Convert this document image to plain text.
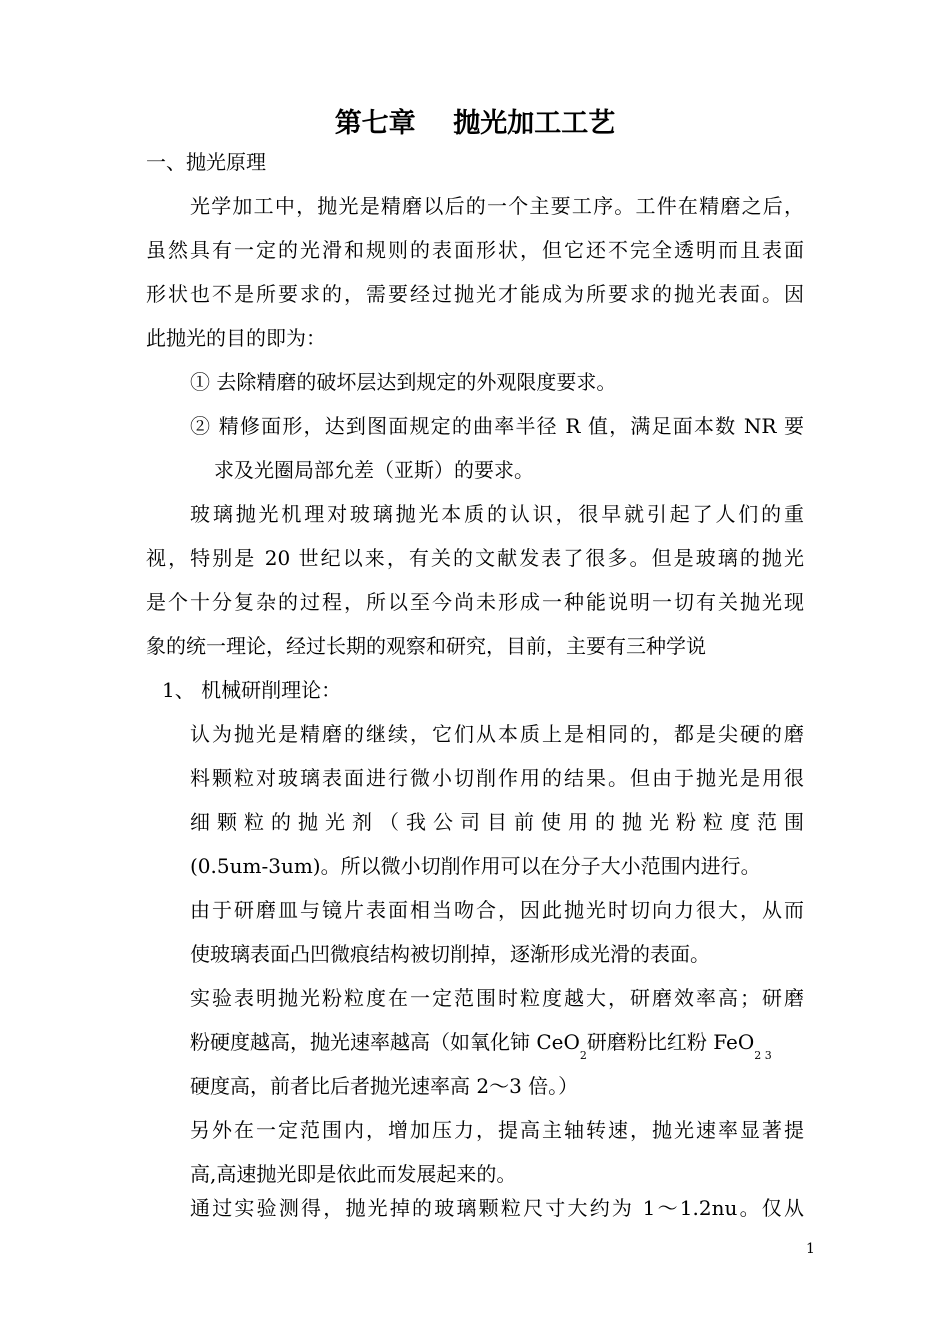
第七章    抛光加工工艺
一、抛光原理
光学加工中，抛光是精磨以后的一个主要工序。工件在精磨之后，
虽然具有一定的光滑和规则的表面形状，但它还不完全透明而且表面
形状也不是所要求的，需要经过抛光才能成为所要求的抛光表面。因
此抛光的目的即为：
① 去除精磨的破坏层达到规定的外观限度要求。
② 精修面形，达到图面规定的曲率半径 R 值，满足面本数 NR 要
求及光圈局部允差（亚斯）的要求。
玻璃抛光机理对玻璃抛光本质的认识，很早就引起了人们的重
视，特别是 20 世纪以来，有关的文献发表了很多。但是玻璃的抛光
是个十分复杂的过程，所以至今尚未形成一种能说明一切有关抛光现
象的统一理论，经过长期的观察和研究，目前，主要有三种学说
1、 机械研削理论：
认为抛光是精磨的继续，它们从本质上是相同的，都是尖硬的磨
料颗粒对玻璃表面进行微小切削作用的结果。但由于抛光是用很
细颗粒的抛光剂（我公司目前使用的抛光粉粒度范围
(0.5um-3um)。所以微小切削作用可以在分子大小范围内进行。
由于研磨皿与镜片表面相当吻合，因此抛光时切向力很大，从而
使玻璃表面凸凹微痕结构被切削掉，逐渐形成光滑的表面。
实验表明抛光粉粒度在一定范围时粒度越大，研磨效率高；研磨
粉硬度越高，抛光速率越高（如氧化铈 CeO$_2$研磨粉比红粉 FeO$_{2 3}$
硬度高，前者比后者抛光速率高 2～3 倍。）
另外在一定范围内，增加压力，提高主轴转速，抛光速率显著提
高,高速抛光即是依此而发展起来的。
通过实验测得，抛光掉的玻璃颗粒尺寸大约为 1～1.2nu。仅从
1
